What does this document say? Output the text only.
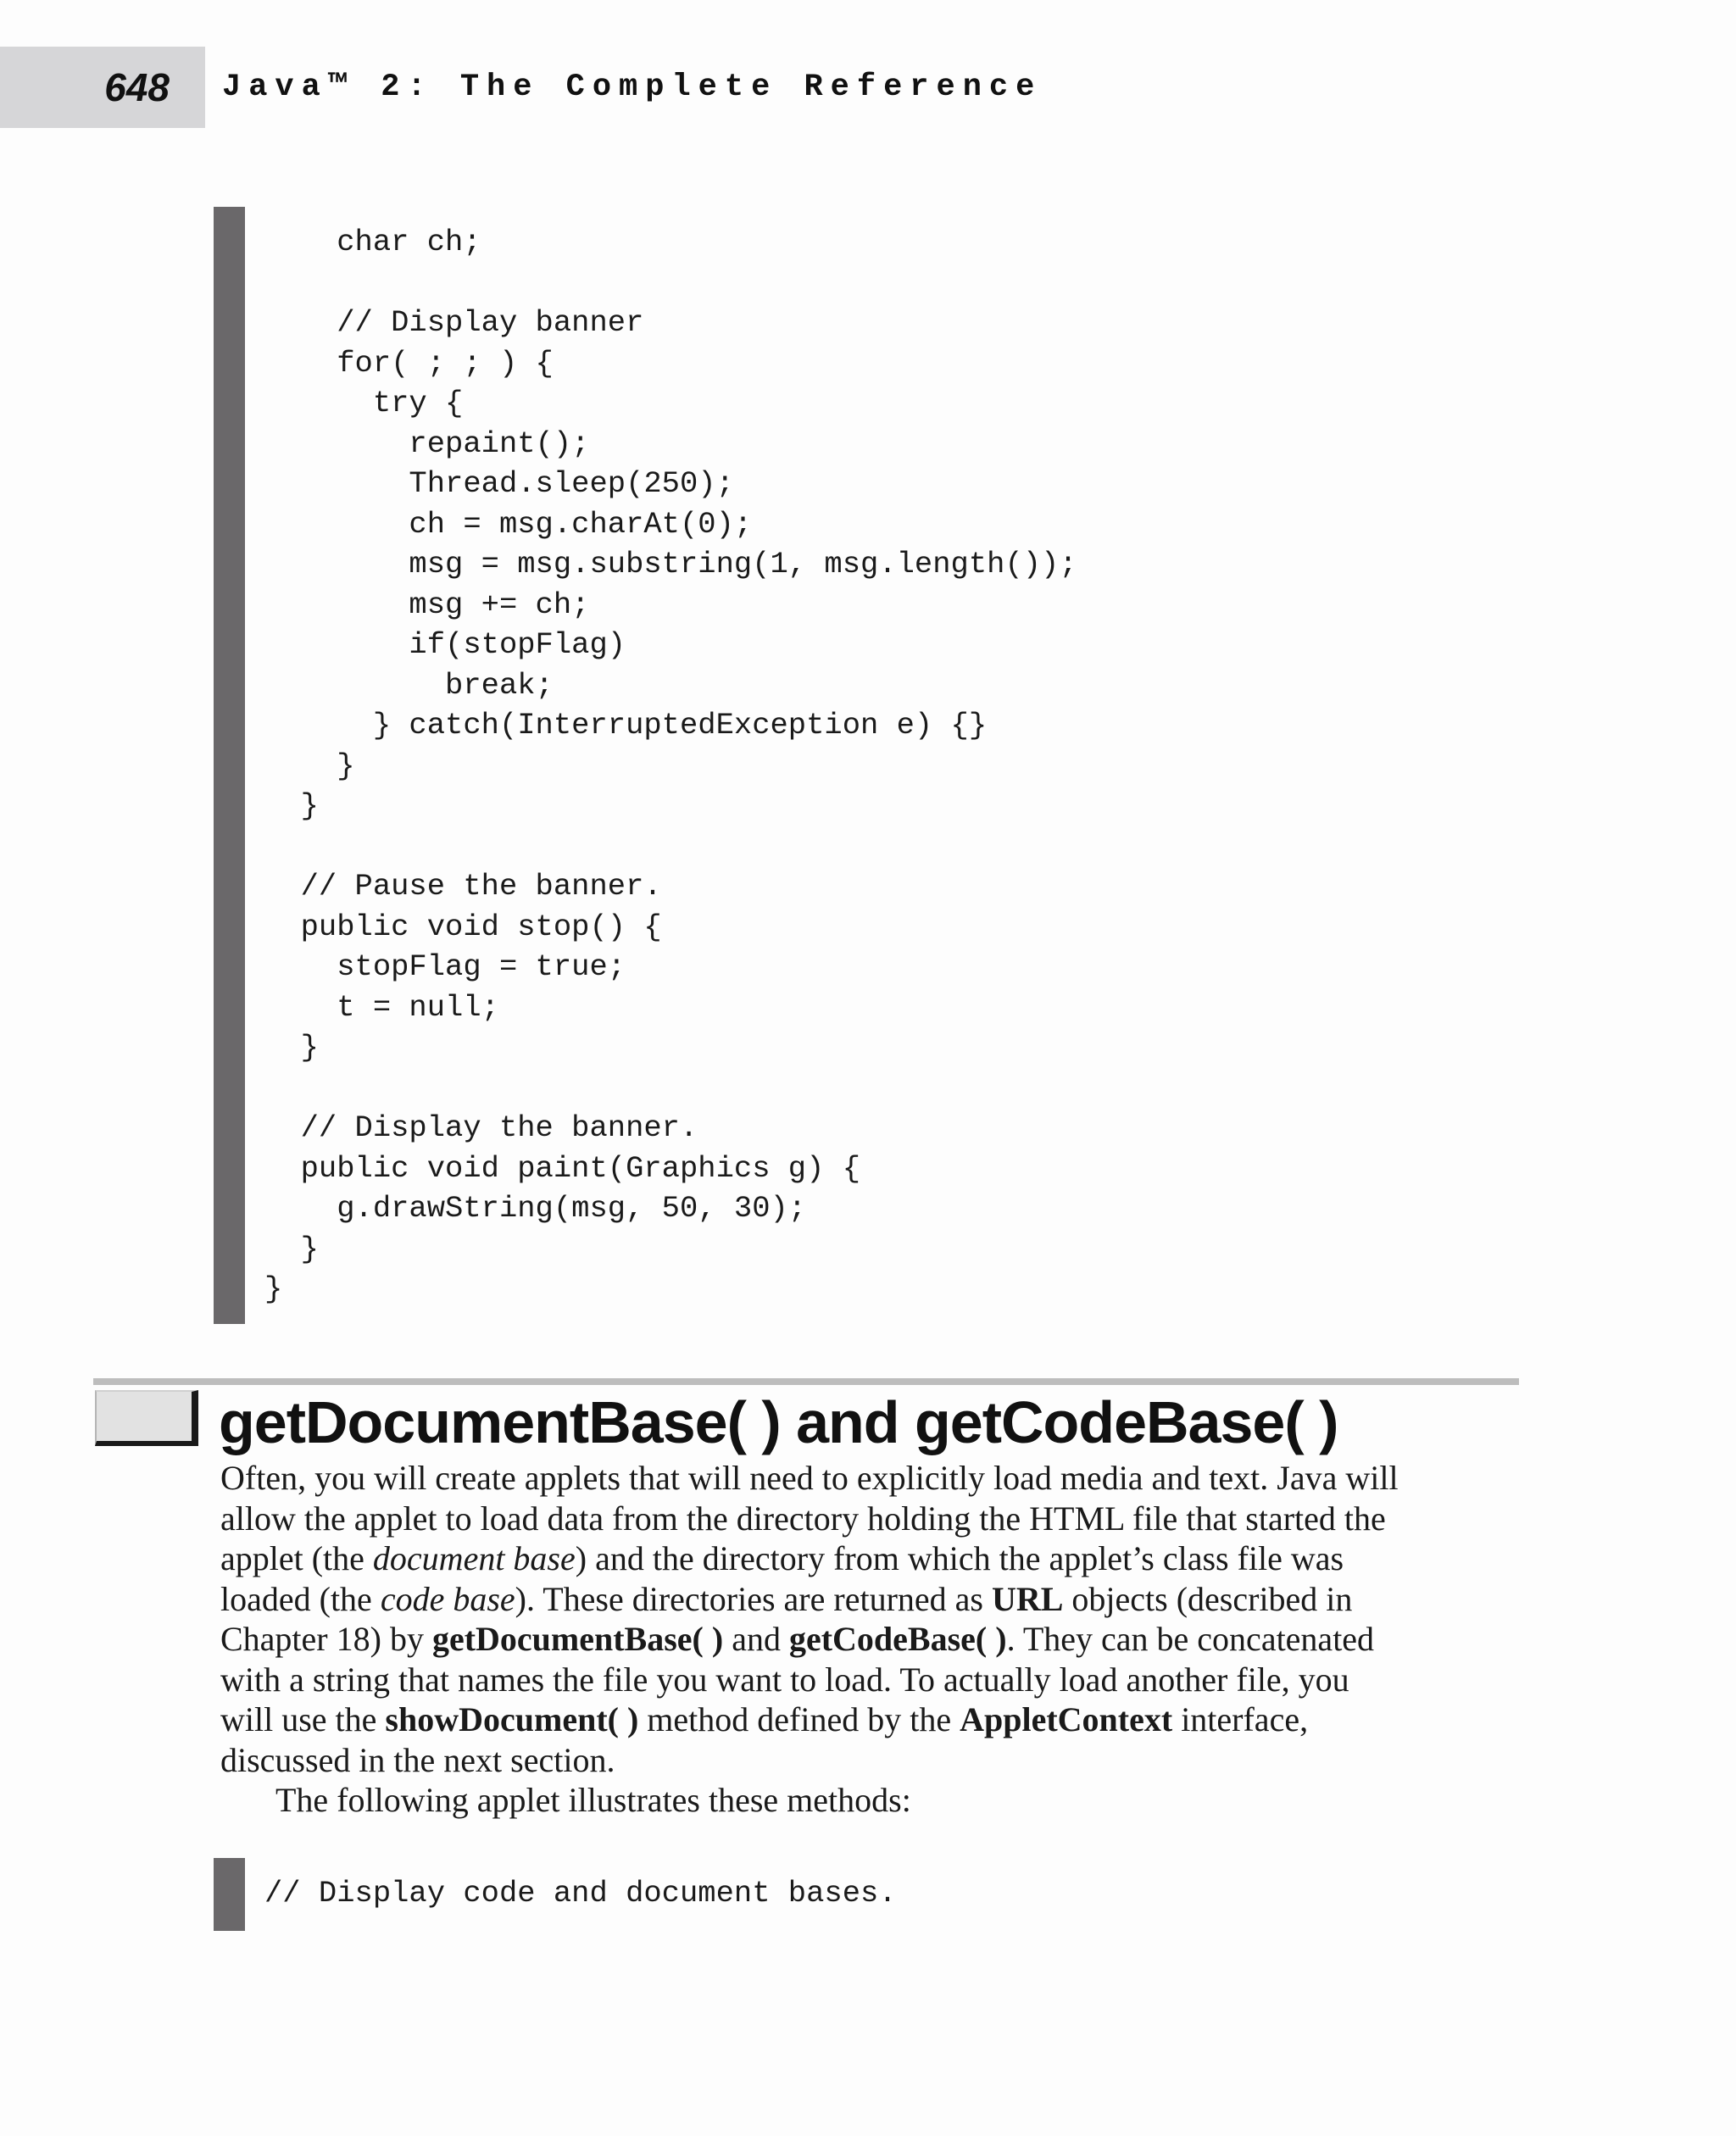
648 Java™ 2: The Complete Reference
char ch;

// Display banner
for( ; ; ) {
try {
repaint();
Thread.sleep(250);
ch = msg.charAt(0);
msg = msg.substring(1, msg.length());
msg += ch;
if(stopFlag)
break;
} catch(InterruptedException e) {}
}
}

// Pause the banner.
public void stop() {
stopFlag = true;
t = null;
}

// Display the banner.
public void paint(Graphics g) {
g.drawString(msg, 50, 30);
}
}
getDocumentBase( ) and getCodeBase( )
Often, you will create applets that will need to explicitly load media and text. Java will
allow the applet to load data from the directory holding the HTML file that started the
applet (the document base) and the directory from which the applet’s class file was
loaded (the code base). These directories are returned as URL objects (described in
Chapter 18) by getDocumentBase( ) and getCodeBase( ). They can be concatenated
with a string that names the file you want to load. To actually load another file, you
will use the showDocument( ) method defined by the AppletContext interface,
discussed in the next section.
The following applet illustrates these methods:
// Display code and document bases.
